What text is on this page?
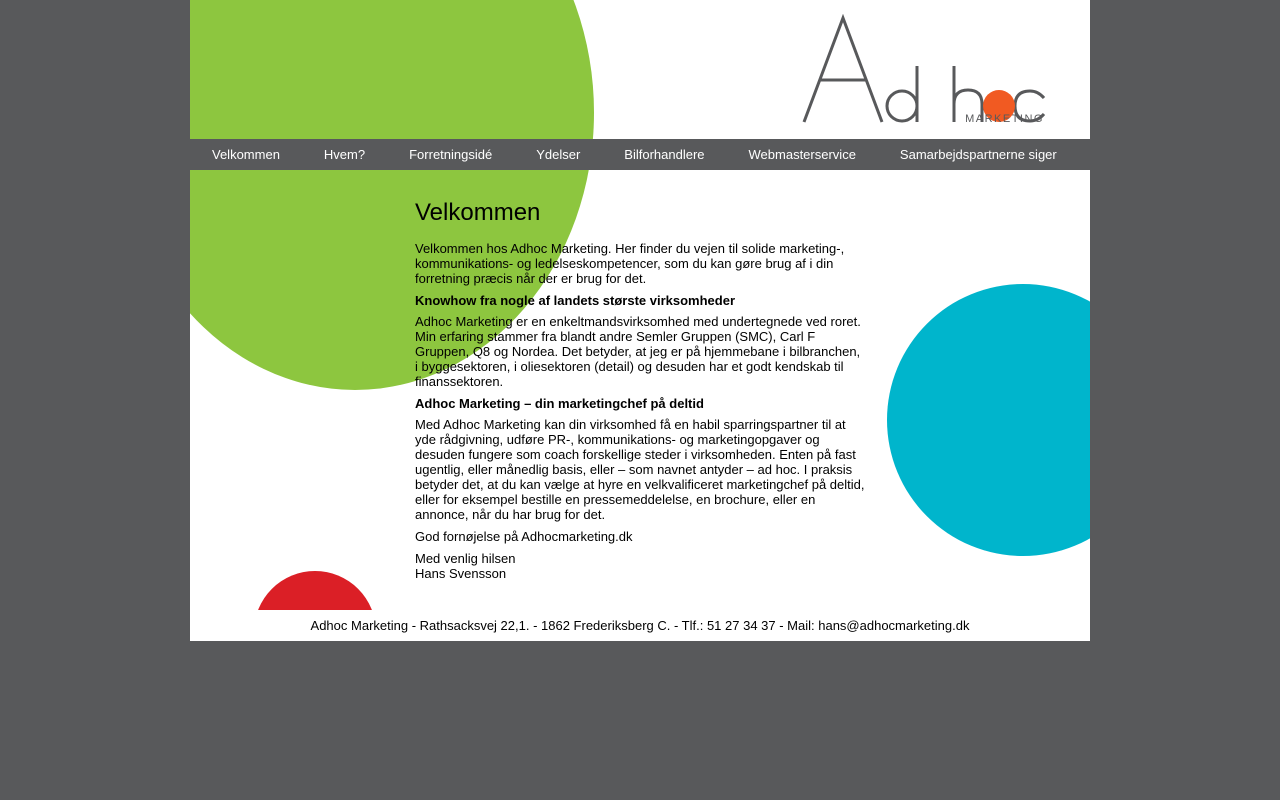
MARKETING
Velkommen	Hvem?	Forretningsidé	Ydelser	Bilforhandlere	Webmasterservice	Samarbejdspartnerne siger
Velkommen

Velkommen hos Adhoc Marketing. Her finder du vejen til solide marketing-, kommunikations- og ledelseskompetencer, som du kan gøre brug af i din forretning præcis når der er brug for det.

Knowhow fra nogle af landets største virksomheder

Adhoc Marketing er en enkeltmandsvirksomhed med undertegnede ved roret. Min erfaring stammer fra blandt andre Semler Gruppen (SMC), Carl F Gruppen, Q8 og Nordea. Det betyder, at jeg er på hjemmebane i bilbranchen, i byggesektoren, i oliesektoren (detail) og desuden har et godt kendskab til finanssektoren.

Adhoc Marketing – din marketingchef på deltid

Med Adhoc Marketing kan din virksomhed få en habil sparringspartner til at yde rådgivning, udføre PR-, kommunikations- og marketingopgaver og desuden fungere som coach forskellige steder i virksomheden. Enten på fast ugentlig, eller månedlig basis, eller – som navnet antyder – ad hoc. I praksis betyder det, at du kan vælge at hyre en velkvalificeret marketingchef på deltid, eller for eksempel bestille en pressemeddelelse, en brochure, eller en annonce, når du har brug for det.

God fornøjelse på Adhocmarketing.dk

Med venlig hilsen
Hans Svensson

Adhoc Marketing - Rathsacksvej 22,1. - 1862 Frederiksberg C. - Tlf.: 51 27 34 37 - Mail: hans@adhocmarketing.dk
